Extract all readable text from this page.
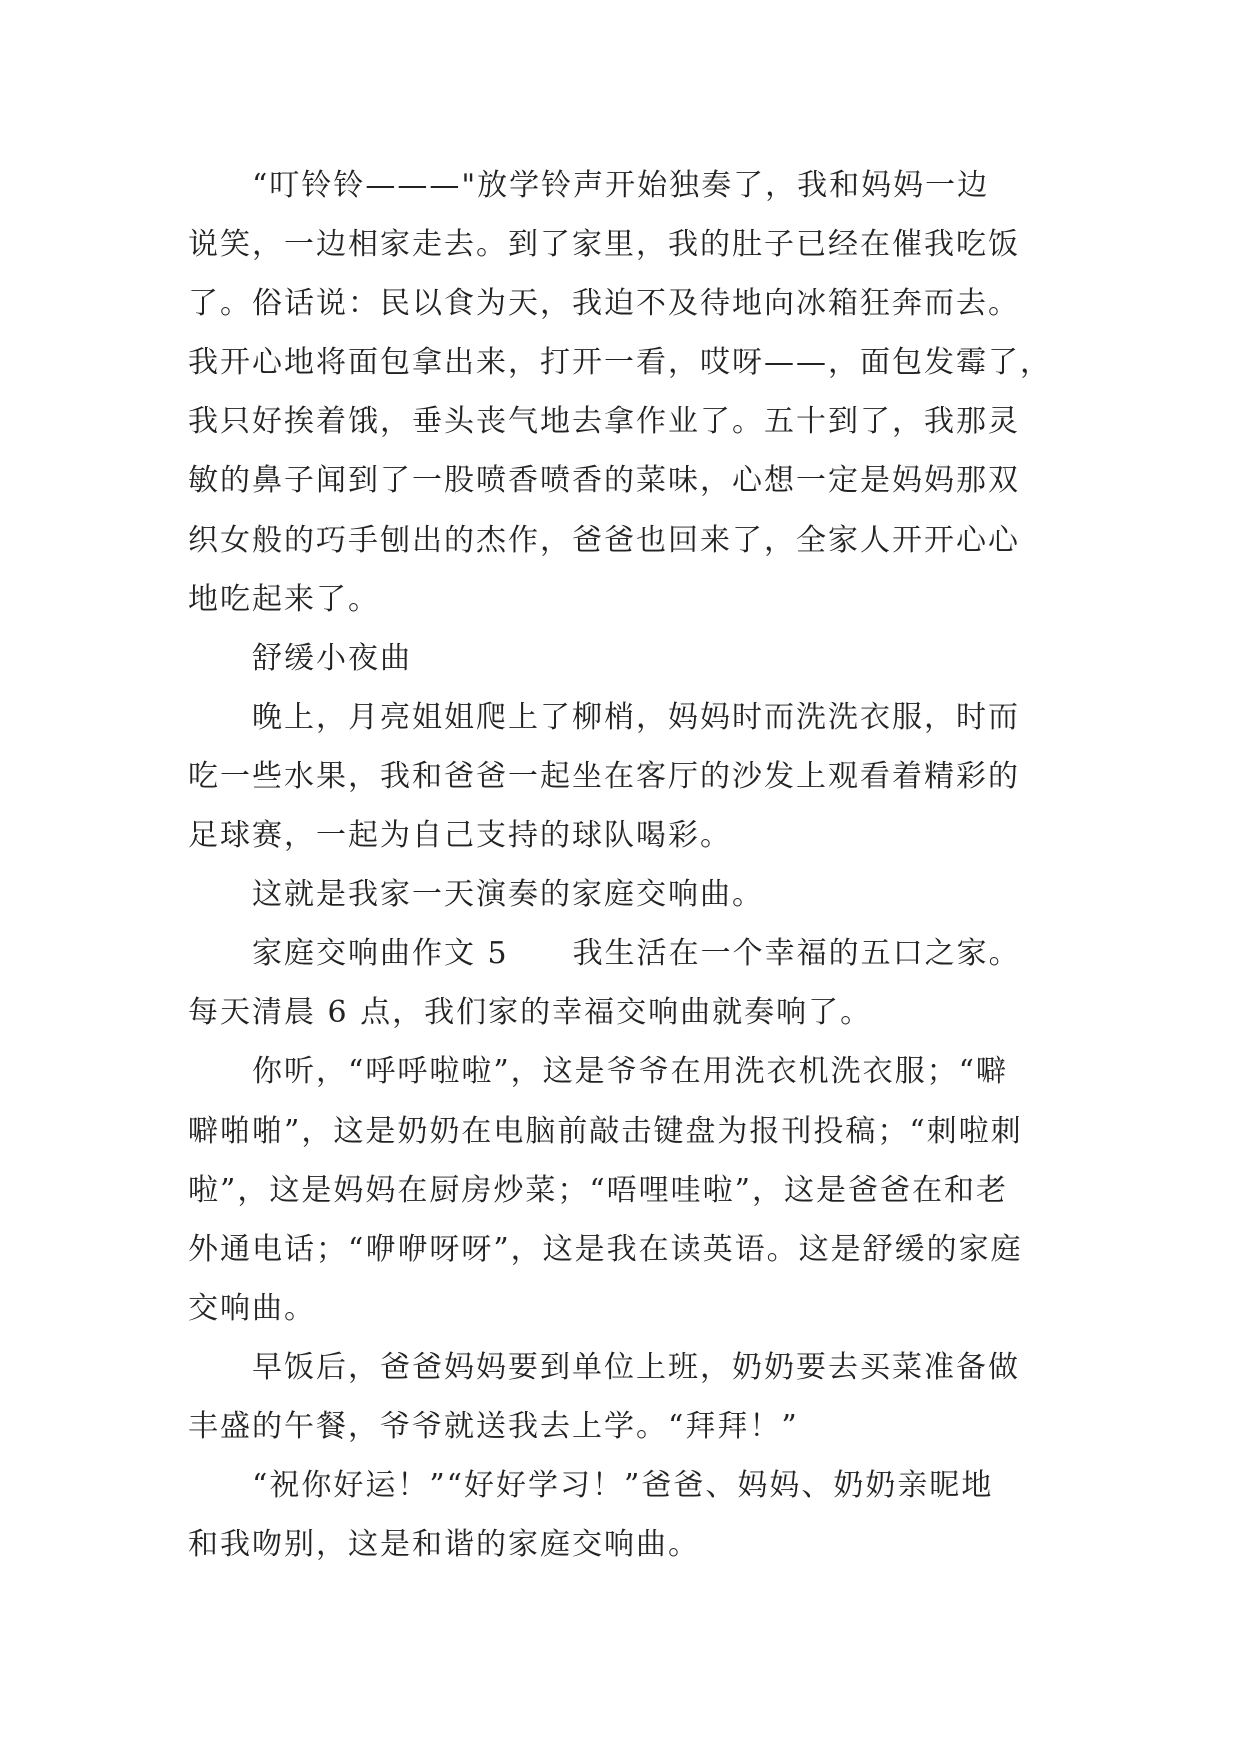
“叮铃铃———"放学铃声开始独奏了，我和妈妈一边
说笑，一边相家走去。到了家里，我的肚子已经在催我吃饭
了。俗话说：民以食为天，我迫不及待地向冰箱狂奔而去。
我开心地将面包拿出来，打开一看，哎呀——，面包发霉了，
我只好挨着饿，垂头丧气地去拿作业了。五十到了，我那灵
敏的鼻子闻到了一股喷香喷香的菜味，心想一定是妈妈那双
织女般的巧手刨出的杰作，爸爸也回来了，全家人开开心心
地吃起来了。
舒缓小夜曲
晚上，月亮姐姐爬上了柳梢，妈妈时而洗洗衣服，时而
吃一些水果，我和爸爸一起坐在客厅的沙发上观看着精彩的
足球赛，一起为自己支持的球队喝彩。
这就是我家一天演奏的家庭交响曲。
家庭交响曲作文 5　　我生活在一个幸福的五口之家。
每天清晨 6 点，我们家的幸福交响曲就奏响了。
你听，“呼呼啦啦”，这是爷爷在用洗衣机洗衣服；“噼
噼啪啪”，这是奶奶在电脑前敲击键盘为报刊投稿；“刺啦刺
啦”，这是妈妈在厨房炒菜；“唔哩哇啦”，这是爸爸在和老
外通电话；“咿咿呀呀”，这是我在读英语。这是舒缓的家庭
交响曲。
早饭后，爸爸妈妈要到单位上班，奶奶要去买菜准备做
丰盛的午餐，爷爷就送我去上学。“拜拜！”
“祝你好运！”“好好学习！”爸爸、妈妈、奶奶亲昵地
和我吻别，这是和谐的家庭交响曲。
